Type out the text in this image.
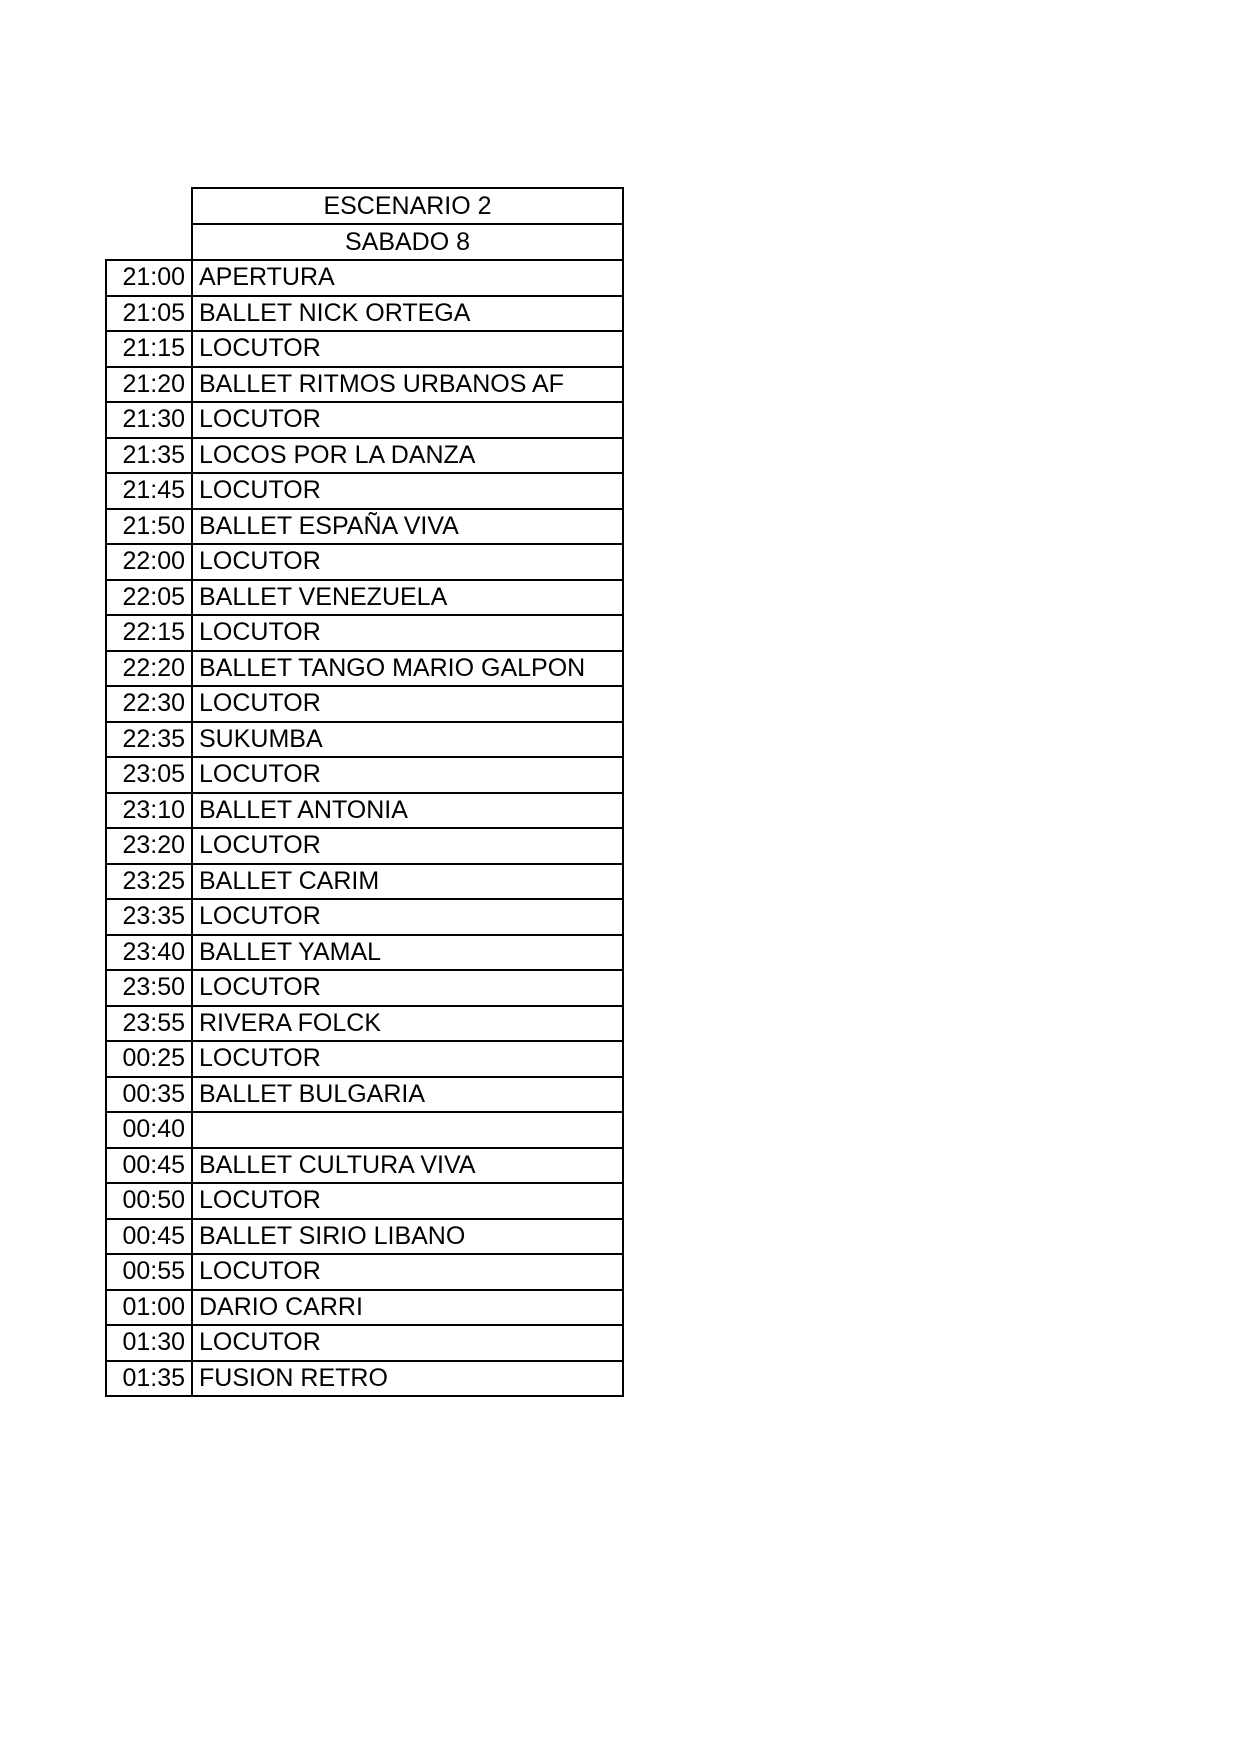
	ESCENARIO 2
	SABADO 8
21:00	APERTURA
21:05	BALLET NICK ORTEGA
21:15	LOCUTOR
21:20	BALLET RITMOS URBANOS AF
21:30	LOCUTOR
21:35	LOCOS POR LA DANZA
21:45	LOCUTOR
21:50	BALLET ESPAÑA VIVA
22:00	LOCUTOR
22:05	BALLET VENEZUELA
22:15	LOCUTOR
22:20	BALLET TANGO MARIO GALPON
22:30	LOCUTOR
22:35	SUKUMBA
23:05	LOCUTOR
23:10	BALLET ANTONIA
23:20	LOCUTOR
23:25	BALLET CARIM
23:35	LOCUTOR
23:40	BALLET YAMAL
23:50	LOCUTOR
23:55	RIVERA FOLCK
00:25	LOCUTOR
00:35	BALLET BULGARIA
00:40	
00:45	BALLET CULTURA VIVA
00:50	LOCUTOR
00:45	BALLET SIRIO LIBANO
00:55	LOCUTOR
01:00	DARIO CARRI
01:30	LOCUTOR
01:35	FUSION RETRO
